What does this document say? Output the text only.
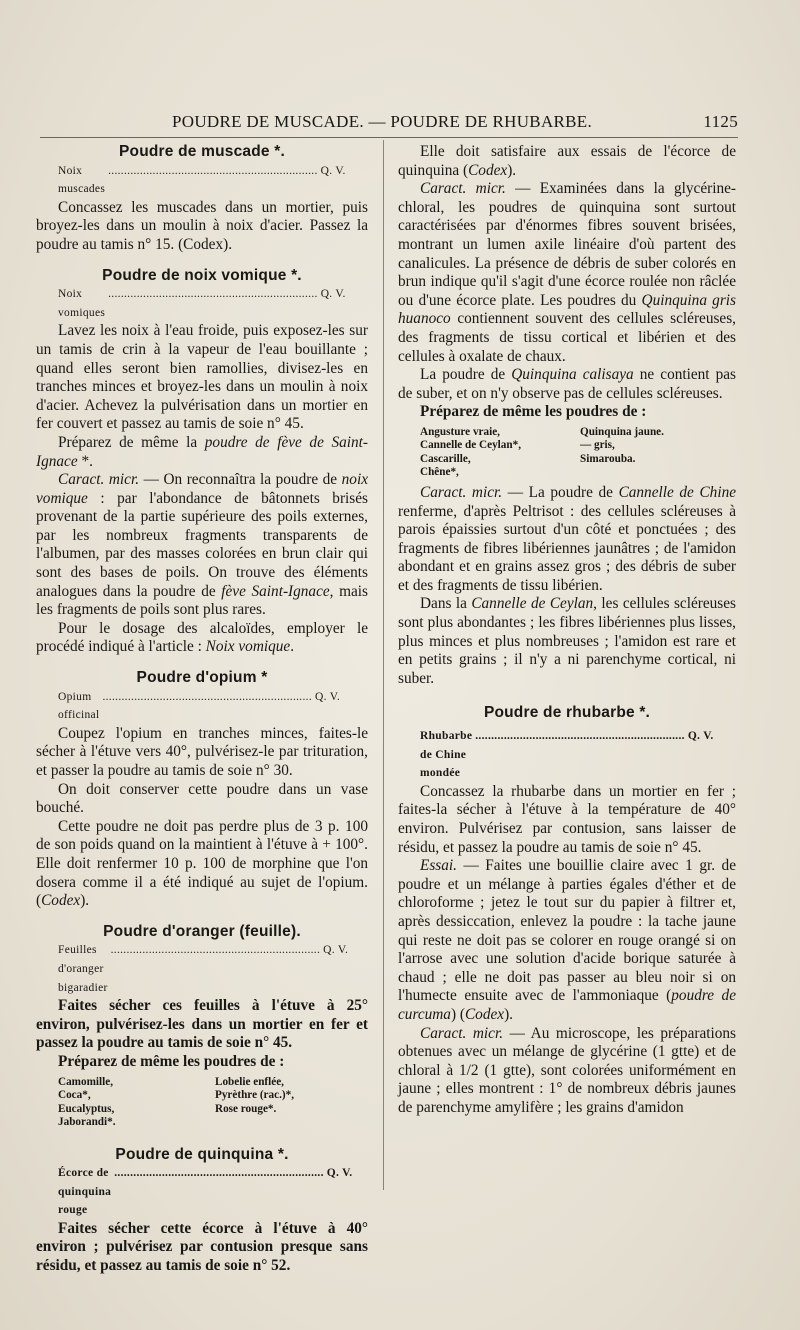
POUDRE DE MUSCADE. — POUDRE DE RHUBARBE.	1125
Poudre de muscade *.
Noix muscades
.................................................................. Q. V.

Concassez les muscades dans un mortier, puis broyez-les dans un moulin à noix d'acier. Passez la poudre au tamis n° 15. (Codex).

Poudre de noix vomique *.
Noix vomiques
.................................................................. Q. V.

Lavez les noix à l'eau froide, puis exposez-les sur un tamis de crin à la vapeur de l'eau bouillante ; quand elles seront bien ramollies, divisez-les en tranches minces et broyez-les dans un moulin à noix d'acier. Achevez la pulvérisation dans un mortier en fer couvert et passez au tamis de soie n° 45.

Préparez de même la poudre de fève de Saint-Ignace *.

Caract. micr. — On reconnaîtra la poudre de noix vomique : par l'abondance de bâtonnets brisés provenant de la partie supérieure des poils externes, par les nombreux fragments transparents de l'albumen, par des masses colorées en brun clair qui sont des bases de poils. On trouve des éléments analogues dans la poudre de fève Saint-Ignace, mais les fragments de poils sont plus rares.

Pour le dosage des alcaloïdes, employer le procédé indiqué à l'article : Noix vomique.

Poudre d'opium *
Opium officinal
.................................................................. Q. V.

Coupez l'opium en tranches minces, faites-le sécher à l'étuve vers 40°, pulvérisez-le par trituration, et passer la poudre au tamis de soie n° 30.

On doit conserver cette poudre dans un vase bouché.

Cette poudre ne doit pas perdre plus de 3 p. 100 de son poids quand on la maintient à l'étuve à + 100°. Elle doit renfermer 10 p. 100 de morphine que l'on dosera comme il a été indiqué au sujet de l'opium. (Codex).

Poudre d'oranger (feuille).
Feuilles d'oranger bigaradier
.................................................................. Q. V.

Faites sécher ces feuilles à l'étuve à 25° environ, pulvérisez-les dans un mortier en fer et passez la poudre au tamis de soie n° 45.

Préparez de même les poudres de :

Camomille,	Lobelie enflée,
Coca*,	Pyrèthre (rac.)*,
Eucalyptus,	Rose rouge*.
Jaborandi*.
Poudre de quinquina *.
Écorce de quinquina rouge
.................................................................. Q. V.

Faites sécher cette écorce à l'étuve à 40° environ ; pulvérisez par contusion presque sans résidu, et passez au tamis de soie n° 52.

Elle doit satisfaire aux essais de l'écorce de quinquina (Codex).

Caract. micr. — Examinées dans la glycérine-chloral, les poudres de quinquina sont surtout caractérisées par d'énormes fibres souvent brisées, montrant un lumen axile linéaire d'où partent des canalicules. La présence de débris de suber colorés en brun indique qu'il s'agit d'une écorce roulée non râclée ou d'une écorce plate. Les poudres du Quinquina gris huanoco contiennent souvent des cellules scléreuses, des fragments de tissu cortical et libérien et des cellules à oxalate de chaux.

La poudre de Quinquina calisaya ne contient pas de suber, et on n'y observe pas de cellules scléreuses.

Préparez de même les poudres de :

Angusture vraie,	Quinquina jaune.
Cannelle de Ceylan*,	— gris,
Cascarille,	Simarouba.
Chêne*,

Caract. micr. — La poudre de Cannelle de Chine renferme, d'après Peltrisot : des cellules scléreuses à parois épaissies surtout d'un côté et ponctuées ; des fragments de fibres libériennes jaunâtres ; de l'amidon abondant et en grains assez gros ; des débris de suber et des fragments de tissu libérien.

Dans la Cannelle de Ceylan, les cellules scléreuses sont plus abondantes ; les fibres libériennes plus lisses, plus minces et plus nombreuses ; l'amidon est rare et en petits grains ; il n'y a ni parenchyme cortical, ni suber.

Poudre de rhubarbe *.
Rhubarbe de Chine mondée
.................................................................. Q. V.

Concassez la rhubarbe dans un mortier en fer ; faites-la sécher à l'étuve à la température de 40° environ. Pulvérisez par contusion, sans laisser de résidu, et passez la poudre au tamis de soie n° 45.

Essai. — Faites une bouillie claire avec 1 gr. de poudre et un mélange à parties égales d'éther et de chloroforme ; jetez le tout sur du papier à filtrer et, après dessiccation, enlevez la poudre : la tache jaune qui reste ne doit pas se colorer en rouge orangé si on l'arrose avec une solution d'acide borique saturée à chaud ; elle ne doit pas passer au bleu noir si on l'humecte ensuite avec de l'ammoniaque (poudre de curcuma) (Codex).

Caract. micr. — Au microscope, les préparations obtenues avec un mélange de glycérine (1 gtte) et de chloral à 1/2 (1 gtte), sont colorées uniformément en jaune ; elles montrent : 1° de nombreux débris jaunes de parenchyme amylifère ; les grains d'amidon
